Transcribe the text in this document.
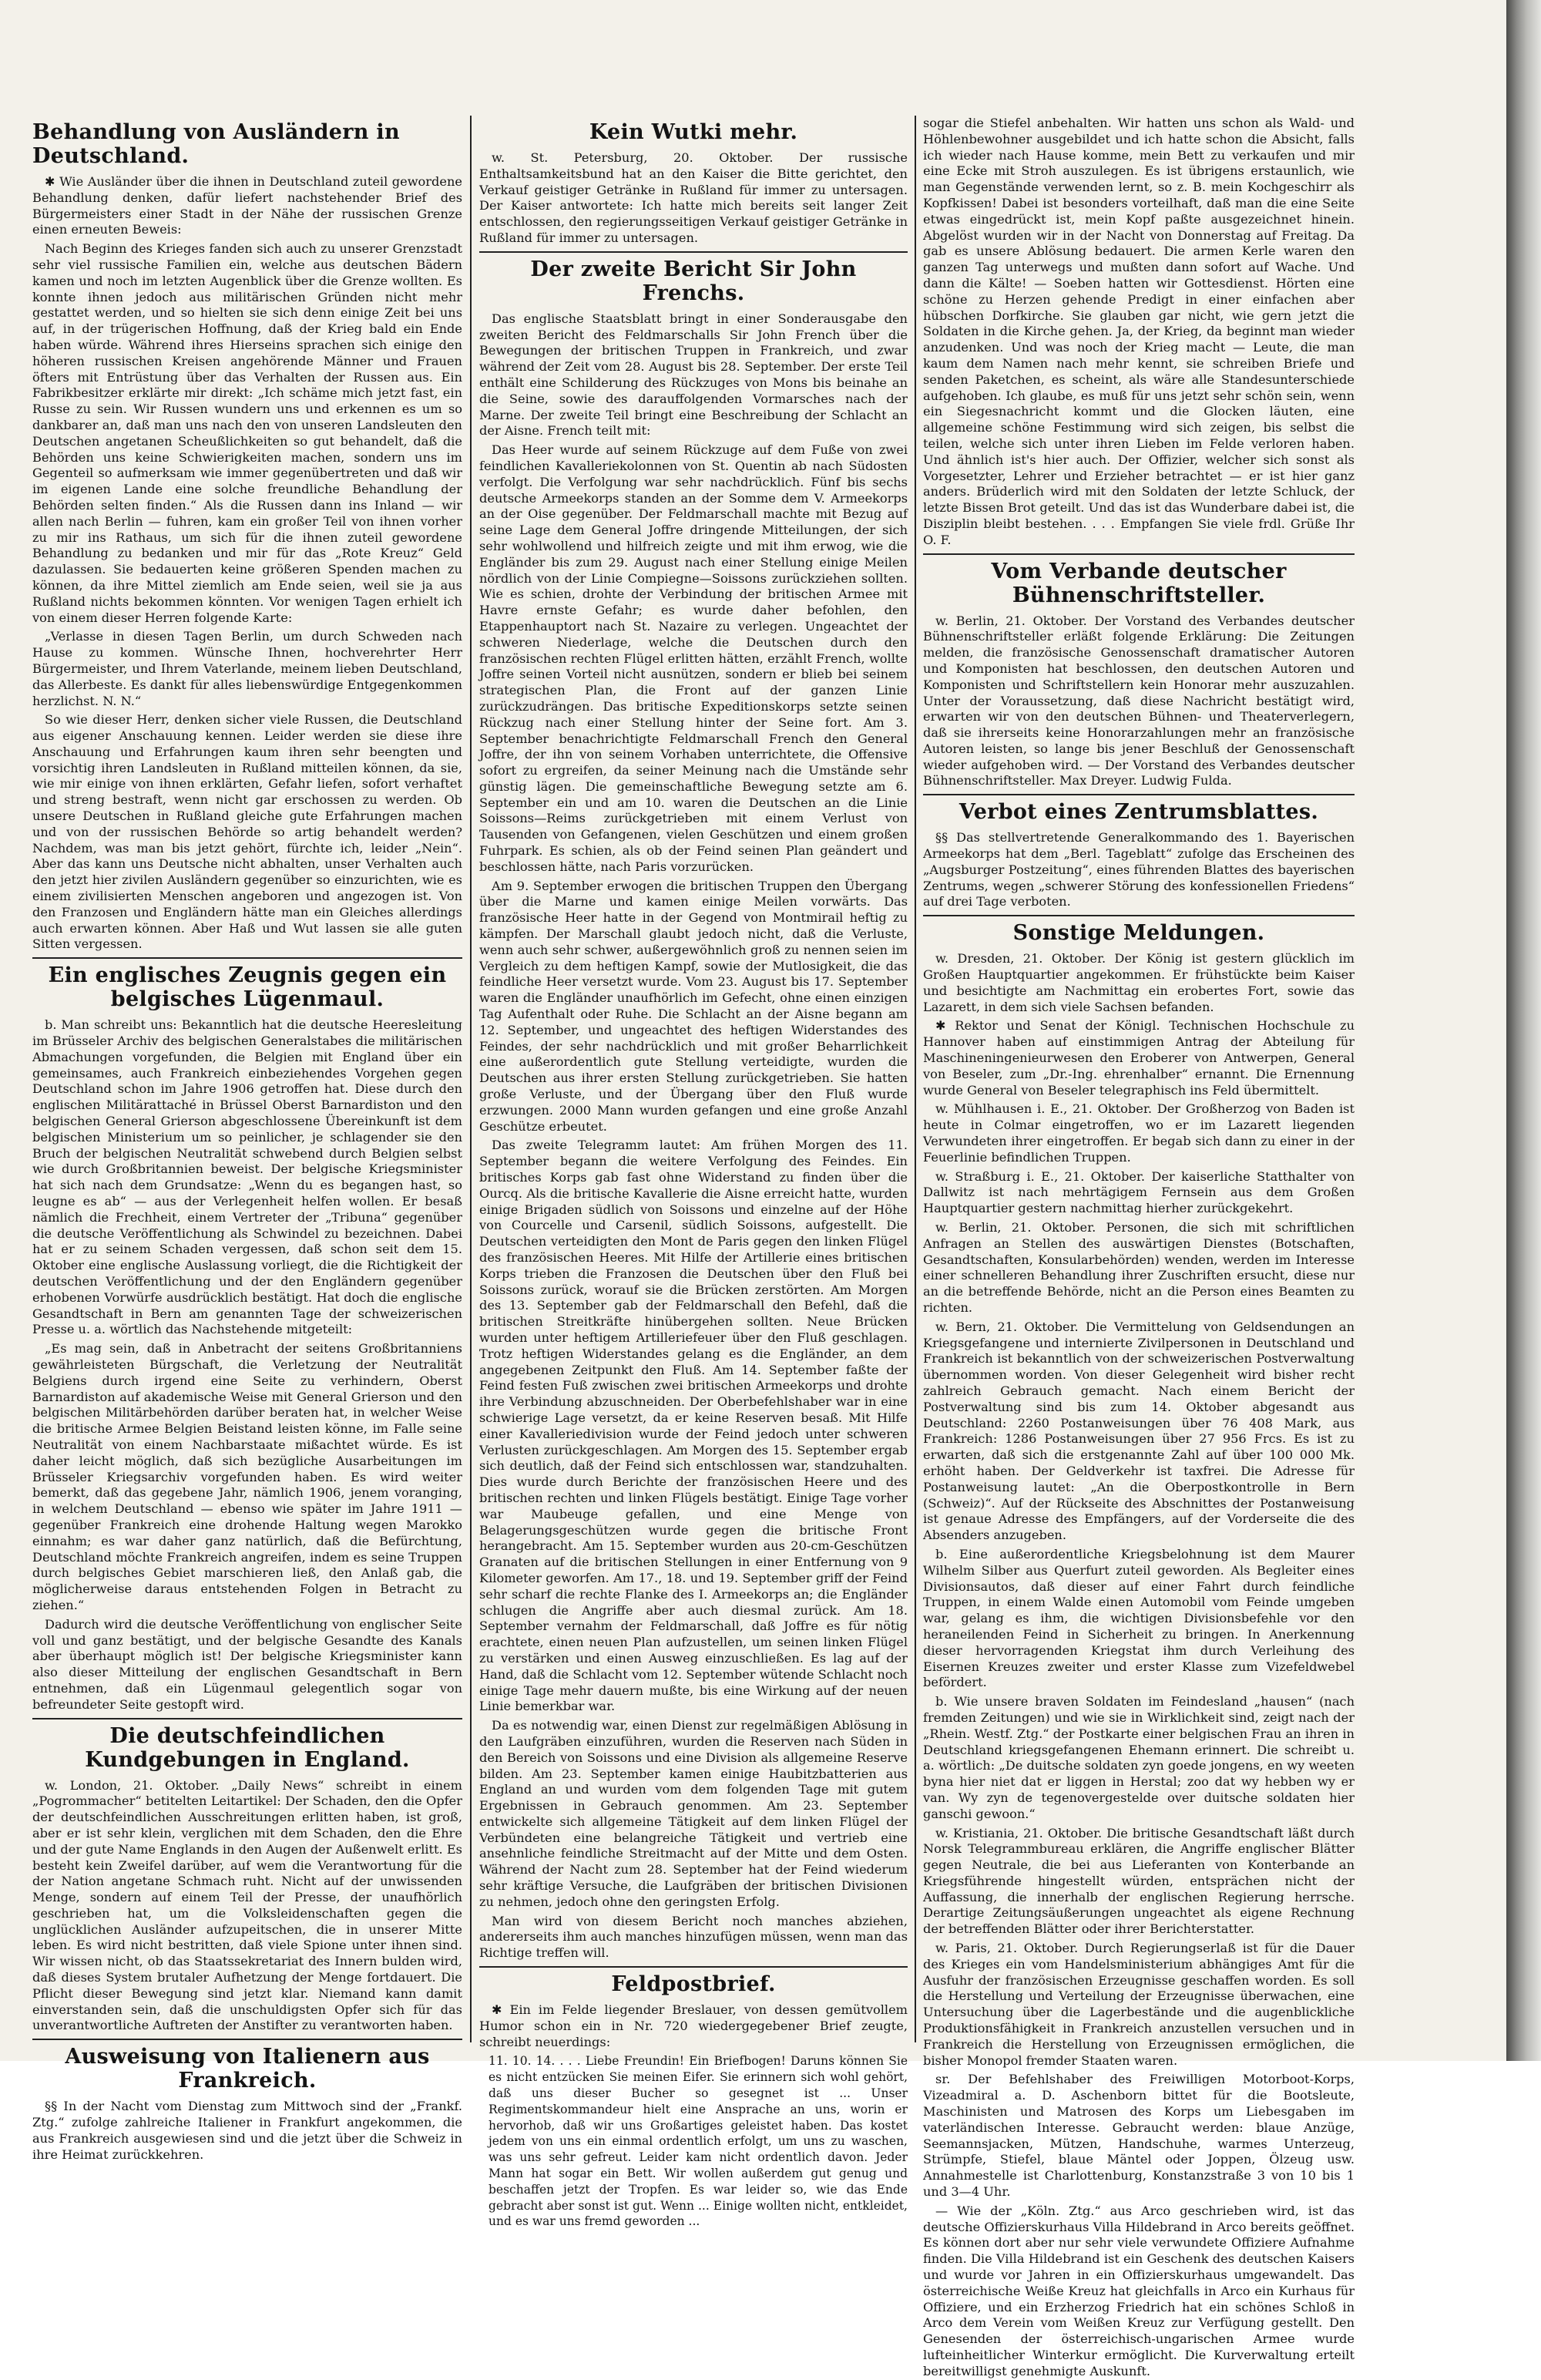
Behandlung von Ausländern in Deutschland.

✱ Wie Ausländer über die ihnen in Deutschland zuteil gewordene Behandlung denken, dafür liefert nachstehender Brief des Bürgermeisters einer Stadt in der Nähe der russischen Grenze einen erneuten Beweis:

Nach Beginn des Krieges fanden sich auch zu unserer Grenzstadt sehr viel russische Familien ein, welche aus deutschen Bädern kamen und noch im letzten Augenblick über die Grenze wollten. Es konnte ihnen jedoch aus militärischen Gründen nicht mehr gestattet werden, und so hielten sie sich denn einige Zeit bei uns auf, in der trügerischen Hoffnung, daß der Krieg bald ein Ende haben würde. Während ihres Hierseins sprachen sich einige den höheren russischen Kreisen angehörende Männer und Frauen öfters mit Entrüstung über das Verhalten der Russen aus. Ein Fabrikbesitzer erklärte mir direkt: „Ich schäme mich jetzt fast, ein Russe zu sein. Wir Russen wundern uns und erkennen es um so dankbarer an, daß man uns nach den von unseren Landsleuten den Deutschen angetanen Scheußlichkeiten so gut behandelt, daß die Behörden uns keine Schwierigkeiten machen, sondern uns im Gegenteil so aufmerksam wie immer gegenübertreten und daß wir im eigenen Lande eine solche freundliche Behandlung der Behörden selten finden.“ Als die Russen dann ins Inland — wir allen nach Berlin — fuhren, kam ein großer Teil von ihnen vorher zu mir ins Rathaus, um sich für die ihnen zuteil gewordene Behandlung zu bedanken und mir für das „Rote Kreuz“ Geld dazulassen. Sie bedauerten keine größeren Spenden machen zu können, da ihre Mittel ziemlich am Ende seien, weil sie ja aus Rußland nichts bekommen könnten. Vor wenigen Tagen erhielt ich von einem dieser Herren folgende Karte:

„Verlasse in diesen Tagen Berlin, um durch Schweden nach Hause zu kommen. Wünsche Ihnen, hochverehrter Herr Bürgermeister, und Ihrem Vaterlande, meinem lieben Deutschland, das Allerbeste. Es dankt für alles liebenswürdige Entgegenkommen herzlichst. N. N.“

So wie dieser Herr, denken sicher viele Russen, die Deutschland aus eigener Anschauung kennen. Leider werden sie diese ihre Anschauung und Erfahrungen kaum ihren sehr beengten und vorsichtig ihren Landsleuten in Rußland mitteilen können, da sie, wie mir einige von ihnen erklärten, Gefahr liefen, sofort verhaftet und streng bestraft, wenn nicht gar erschossen zu werden. Ob unsere Deutschen in Rußland gleiche gute Erfahrungen machen und von der russischen Behörde so artig behandelt werden? Nachdem, was man bis jetzt gehört, fürchte ich, leider „Nein“. Aber das kann uns Deutsche nicht abhalten, unser Verhalten auch den jetzt hier zivilen Ausländern gegenüber so einzurichten, wie es einem zivilisierten Menschen angeboren und angezogen ist. Von den Franzosen und Engländern hätte man ein Gleiches allerdings auch erwarten können. Aber Haß und Wut lassen sie alle guten Sitten vergessen.

Ein englisches Zeugnis gegen ein belgisches Lügenmaul.

b. Man schreibt uns: Bekanntlich hat die deutsche Heeresleitung im Brüsseler Archiv des belgischen Generalstabes die militärischen Abmachungen vorgefunden, die Belgien mit England über ein gemeinsames, auch Frankreich einbeziehendes Vorgehen gegen Deutschland schon im Jahre 1906 getroffen hat. Diese durch den englischen Militärattaché in Brüssel Oberst Barnardiston und den belgischen General Grierson abgeschlossene Übereinkunft ist dem belgischen Ministerium um so peinlicher, je schlagender sie den Bruch der belgischen Neutralität schwebend durch Belgien selbst wie durch Großbritannien beweist. Der belgische Kriegsminister hat sich nach dem Grundsatze: „Wenn du es begangen hast, so leugne es ab“ — aus der Verlegenheit helfen wollen. Er besaß nämlich die Frechheit, einem Vertreter der „Tribuna“ gegenüber die deutsche Veröffentlichung als Schwindel zu bezeichnen. Dabei hat er zu seinem Schaden vergessen, daß schon seit dem 15. Oktober eine englische Auslassung vorliegt, die die Richtigkeit der deutschen Veröffentlichung und der den Engländern gegenüber erhobenen Vorwürfe ausdrücklich bestätigt. Hat doch die englische Gesandtschaft in Bern am genannten Tage der schweizerischen Presse u. a. wörtlich das Nachstehende mitgeteilt:

„Es mag sein, daß in Anbetracht der seitens Großbritanniens gewährleisteten Bürgschaft, die Verletzung der Neutralität Belgiens durch irgend eine Seite zu verhindern, Oberst Barnardiston auf akademische Weise mit General Grierson und den belgischen Militärbehörden darüber beraten hat, in welcher Weise die britische Armee Belgien Beistand leisten könne, im Falle seine Neutralität von einem Nachbarstaate mißachtet würde. Es ist daher leicht möglich, daß sich bezügliche Ausarbeitungen im Brüsseler Kriegsarchiv vorgefunden haben. Es wird weiter bemerkt, daß das gegebene Jahr, nämlich 1906, jenem voranging, in welchem Deutschland — ebenso wie später im Jahre 1911 — gegenüber Frankreich eine drohende Haltung wegen Marokko einnahm; es war daher ganz natürlich, daß die Befürchtung, Deutschland möchte Frankreich angreifen, indem es seine Truppen durch belgisches Gebiet marschieren ließ, den Anlaß gab, die möglicherweise daraus entstehenden Folgen in Betracht zu ziehen.“

Dadurch wird die deutsche Veröffentlichung von englischer Seite voll und ganz bestätigt, und der belgische Gesandte des Kanals aber überhaupt möglich ist! Der belgische Kriegsminister kann also dieser Mitteilung der englischen Gesandtschaft in Bern entnehmen, daß ein Lügenmaul gelegentlich sogar von befreundeter Seite gestopft wird.

Die deutschfeindlichen Kundgebungen in England.

w. London, 21. Oktober. „Daily News“ schreibt in einem „Pogrommacher“ betitelten Leitartikel: Der Schaden, den die Opfer der deutschfeindlichen Ausschreitungen erlitten haben, ist groß, aber er ist sehr klein, verglichen mit dem Schaden, den die Ehre und der gute Name Englands in den Augen der Außenwelt erlitt. Es besteht kein Zweifel darüber, auf wem die Verantwortung für die der Nation angetane Schmach ruht. Nicht auf der unwissenden Menge, sondern auf einem Teil der Presse, der unaufhörlich geschrieben hat, um die Volksleidenschaften gegen die unglücklichen Ausländer aufzupeitschen, die in unserer Mitte leben. Es wird nicht bestritten, daß viele Spione unter ihnen sind. Wir wissen nicht, ob das Staatssekretariat des Innern bulden wird, daß dieses System brutaler Aufhetzung der Menge fortdauert. Die Pflicht dieser Bewegung sind jetzt klar. Niemand kann damit einverstanden sein, daß die unschuldigsten Opfer sich für das unverantwortliche Auftreten der Anstifter zu verantworten haben.

Ausweisung von Italienern aus Frankreich.

§§ In der Nacht vom Dienstag zum Mittwoch sind der „Frankf. Ztg.“ zufolge zahlreiche Italiener in Frankfurt angekommen, die aus Frankreich ausgewiesen sind und die jetzt über die Schweiz in ihre Heimat zurückkehren.

Kein Wutki mehr.

w. St. Petersburg, 20. Oktober. Der russische Enthaltsamkeitsbund hat an den Kaiser die Bitte gerichtet, den Verkauf geistiger Getränke in Rußland für immer zu untersagen. Der Kaiser antwortete: Ich hatte mich bereits seit langer Zeit entschlossen, den regierungsseitigen Verkauf geistiger Getränke in Rußland für immer zu untersagen.

Der zweite Bericht Sir John Frenchs.

Das englische Staatsblatt bringt in einer Sonderausgabe den zweiten Bericht des Feldmarschalls Sir John French über die Bewegungen der britischen Truppen in Frankreich, und zwar während der Zeit vom 28. August bis 28. September. Der erste Teil enthält eine Schilderung des Rückzuges von Mons bis beinahe an die Seine, sowie des darauffolgenden Vormarsches nach der Marne. Der zweite Teil bringt eine Beschreibung der Schlacht an der Aisne. French teilt mit:

Das Heer wurde auf seinem Rückzuge auf dem Fuße von zwei feindlichen Kavalleriekolonnen von St. Quentin ab nach Südosten verfolgt. Die Verfolgung war sehr nachdrücklich. Fünf bis sechs deutsche Armeekorps standen an der Somme dem V. Armeekorps an der Oise gegenüber. Der Feldmarschall machte mit Bezug auf seine Lage dem General Joffre dringende Mitteilungen, der sich sehr wohlwollend und hilfreich zeigte und mit ihm erwog, wie die Engländer bis zum 29. August nach einer Stellung einige Meilen nördlich von der Linie Compiegne—Soissons zurückziehen sollten. Wie es schien, drohte der Verbindung der britischen Armee mit Havre ernste Gefahr; es wurde daher befohlen, den Etappenhauptort nach St. Nazaire zu verlegen. Ungeachtet der schweren Niederlage, welche die Deutschen durch den französischen rechten Flügel erlitten hätten, erzählt French, wollte Joffre seinen Vorteil nicht ausnützen, sondern er blieb bei seinem strategischen Plan, die Front auf der ganzen Linie zurückzudrängen. Das britische Expeditionskorps setzte seinen Rückzug nach einer Stellung hinter der Seine fort. Am 3. September benachrichtigte Feldmarschall French den General Joffre, der ihn von seinem Vorhaben unterrichtete, die Offensive sofort zu ergreifen, da seiner Meinung nach die Umstände sehr günstig lägen. Die gemeinschaftliche Bewegung setzte am 6. September ein und am 10. waren die Deutschen an die Linie Soissons—Reims zurückgetrieben mit einem Verlust von Tausenden von Gefangenen, vielen Geschützen und einem großen Fuhrpark. Es schien, als ob der Feind seinen Plan geändert und beschlossen hätte, nach Paris vorzurücken.

Am 9. September erwogen die britischen Truppen den Übergang über die Marne und kamen einige Meilen vorwärts. Das französische Heer hatte in der Gegend von Montmirail heftig zu kämpfen. Der Marschall glaubt jedoch nicht, daß die Verluste, wenn auch sehr schwer, außergewöhnlich groß zu nennen seien im Vergleich zu dem heftigen Kampf, sowie der Mutlosigkeit, die das feindliche Heer versetzt wurde. Vom 23. August bis 17. September waren die Engländer unaufhörlich im Gefecht, ohne einen einzigen Tag Aufenthalt oder Ruhe. Die Schlacht an der Aisne begann am 12. September, und ungeachtet des heftigen Widerstandes des Feindes, der sehr nachdrücklich und mit großer Beharrlichkeit eine außerordentlich gute Stellung verteidigte, wurden die Deutschen aus ihrer ersten Stellung zurückgetrieben. Sie hatten große Verluste, und der Übergang über den Fluß wurde erzwungen. 2000 Mann wurden gefangen und eine große Anzahl Geschütze erbeutet.

Das zweite Telegramm lautet: Am frühen Morgen des 11. September begann die weitere Verfolgung des Feindes. Ein britisches Korps gab fast ohne Widerstand zu finden über die Ourcq. Als die britische Kavallerie die Aisne erreicht hatte, wurden einige Brigaden südlich von Soissons und einzelne auf der Höhe von Courcelle und Carsenil, südlich Soissons, aufgestellt. Die Deutschen verteidigten den Mont de Paris gegen den linken Flügel des französischen Heeres. Mit Hilfe der Artillerie eines britischen Korps trieben die Franzosen die Deutschen über den Fluß bei Soissons zurück, worauf sie die Brücken zerstörten. Am Morgen des 13. September gab der Feldmarschall den Befehl, daß die britischen Streitkräfte hinübergehen sollten. Neue Brücken wurden unter heftigem Artilleriefeuer über den Fluß geschlagen. Trotz heftigen Widerstandes gelang es die Engländer, an dem angegebenen Zeitpunkt den Fluß. Am 14. September faßte der Feind festen Fuß zwischen zwei britischen Armeekorps und drohte ihre Verbindung abzuschneiden. Der Oberbefehlshaber war in eine schwierige Lage versetzt, da er keine Reserven besaß. Mit Hilfe einer Kavalleriedivision wurde der Feind jedoch unter schweren Verlusten zurückgeschlagen. Am Morgen des 15. September ergab sich deutlich, daß der Feind sich entschlossen war, standzuhalten. Dies wurde durch Berichte der französischen Heere und des britischen rechten und linken Flügels bestätigt. Einige Tage vorher war Maubeuge gefallen, und eine Menge von Belagerungsgeschützen wurde gegen die britische Front herangebracht. Am 15. September wurden aus 20-cm-Geschützen Granaten auf die britischen Stellungen in einer Entfernung von 9 Kilometer geworfen. Am 17., 18. und 19. September griff der Feind sehr scharf die rechte Flanke des I. Armeekorps an; die Engländer schlugen die Angriffe aber auch diesmal zurück. Am 18. September vernahm der Feldmarschall, daß Joffre es für nötig erachtete, einen neuen Plan aufzustellen, um seinen linken Flügel zu verstärken und einen Ausweg einzuschließen. Es lag auf der Hand, daß die Schlacht vom 12. September wütende Schlacht noch einige Tage mehr dauern mußte, bis eine Wirkung auf der neuen Linie bemerkbar war.

Da es notwendig war, einen Dienst zur regelmäßigen Ablösung in den Laufgräben einzuführen, wurden die Reserven nach Süden in den Bereich von Soissons und eine Division als allgemeine Reserve bilden. Am 23. September kamen einige Haubitzbatterien aus England an und wurden vom dem folgenden Tage mit gutem Ergebnissen in Gebrauch genommen. Am 23. September entwickelte sich allgemeine Tätigkeit auf dem linken Flügel der Verbündeten eine belangreiche Tätigkeit und vertrieb eine ansehnliche feindliche Streitmacht auf der Mitte und dem Osten. Während der Nacht zum 28. September hat der Feind wiederum sehr kräftige Versuche, die Laufgräben der britischen Divisionen zu nehmen, jedoch ohne den geringsten Erfolg.

Man wird von diesem Bericht noch manches abziehen, andererseits ihm auch manches hinzufügen müssen, wenn man das Richtige treffen will.

Feldpostbrief.

✱ Ein im Felde liegender Breslauer, von dessen gemütvollem Humor schon ein in Nr. 720 wiedergegebener Brief zeugte, schreibt neuerdings:

11. 10. 14. . . . Liebe Freundin! Ein Briefbogen! Daruns können Sie es nicht entzücken Sie meinen Eifer. Sie erinnern sich wohl gehört, daß uns dieser Bucher so gesegnet ist ... Unser Regimentskommandeur hielt eine Ansprache an uns, worin er hervorhob, daß wir uns Großartiges geleistet haben. Das kostet jedem von uns ein einmal ordentlich erfolgt, um uns zu waschen, was uns sehr gefreut. Leider kam nicht ordentlich davon. Jeder Mann hat sogar ein Bett. Wir wollen außerdem gut genug und beschaffen jetzt der Tropfen. Es war leider so, wie das Ende gebracht aber sonst ist gut. Wenn ... Einige wollten nicht, entkleidet, und es war uns fremd geworden ...

sogar die Stiefel anbehalten. Wir hatten uns schon als Wald- und Höhlenbewohner ausgebildet und ich hatte schon die Absicht, falls ich wieder nach Hause komme, mein Bett zu verkaufen und mir eine Ecke mit Stroh auszulegen. Es ist übrigens erstaunlich, wie man Gegenstände verwenden lernt, so z. B. mein Kochgeschirr als Kopfkissen! Dabei ist besonders vorteilhaft, daß man die eine Seite etwas eingedrückt ist, mein Kopf paßte ausgezeichnet hinein. Abgelöst wurden wir in der Nacht von Donnerstag auf Freitag. Da gab es unsere Ablösung bedauert. Die armen Kerle waren den ganzen Tag unterwegs und mußten dann sofort auf Wache. Und dann die Kälte! — Soeben hatten wir Gottesdienst. Hörten eine schöne zu Herzen gehende Predigt in einer einfachen aber hübschen Dorfkirche. Sie glauben gar nicht, wie gern jetzt die Soldaten in die Kirche gehen. Ja, der Krieg, da beginnt man wieder anzudenken. Und was noch der Krieg macht — Leute, die man kaum dem Namen nach mehr kennt, sie schreiben Briefe und senden Paketchen, es scheint, als wäre alle Standesunterschiede aufgehoben. Ich glaube, es muß für uns jetzt sehr schön sein, wenn ein Siegesnachricht kommt und die Glocken läuten, eine allgemeine schöne Festimmung wird sich zeigen, bis selbst die teilen, welche sich unter ihren Lieben im Felde verloren haben. Und ähnlich ist's hier auch. Der Offizier, welcher sich sonst als Vorgesetzter, Lehrer und Erzieher betrachtet — er ist hier ganz anders. Brüderlich wird mit den Soldaten der letzte Schluck, der letzte Bissen Brot geteilt. Und das ist das Wunderbare dabei ist, die Disziplin bleibt bestehen. . . . Empfangen Sie viele frdl. Grüße Ihr O. F.

Vom Verbande deutscher Bühnenschriftsteller.

w. Berlin, 21. Oktober. Der Vorstand des Verbandes deutscher Bühnenschriftsteller erläßt folgende Erklärung: Die Zeitungen melden, die französische Genossenschaft dramatischer Autoren und Komponisten hat beschlossen, den deutschen Autoren und Komponisten und Schriftstellern kein Honorar mehr auszuzahlen. Unter der Voraussetzung, daß diese Nachricht bestätigt wird, erwarten wir von den deutschen Bühnen- und Theaterverlegern, daß sie ihrerseits keine Honorarzahlungen mehr an französische Autoren leisten, so lange bis jener Beschluß der Genossenschaft wieder aufgehoben wird. — Der Vorstand des Verbandes deutscher Bühnenschriftsteller. Max Dreyer. Ludwig Fulda.

Verbot eines Zentrumsblattes.

§§ Das stellvertretende Generalkommando des 1. Bayerischen Armeekorps hat dem „Berl. Tageblatt“ zufolge das Erscheinen des „Augsburger Postzeitung“, eines führenden Blattes des bayerischen Zentrums, wegen „schwerer Störung des konfessionellen Friedens“ auf drei Tage verboten.

Sonstige Meldungen.

w. Dresden, 21. Oktober. Der König ist gestern glücklich im Großen Hauptquartier angekommen. Er frühstückte beim Kaiser und besichtigte am Nachmittag ein erobertes Fort, sowie das Lazarett, in dem sich viele Sachsen befanden.

✱ Rektor und Senat der Königl. Technischen Hochschule zu Hannover haben auf einstimmigen Antrag der Abteilung für Maschineningenieurwesen den Eroberer von Antwerpen, General von Beseler, zum „Dr.-Ing. ehrenhalber“ ernannt. Die Ernennung wurde General von Beseler telegraphisch ins Feld übermittelt.

w. Mühlhausen i. E., 21. Oktober. Der Großherzog von Baden ist heute in Colmar eingetroffen, wo er im Lazarett liegenden Verwundeten ihrer eingetroffen. Er begab sich dann zu einer in der Feuerlinie befindlichen Truppen.

w. Straßburg i. E., 21. Oktober. Der kaiserliche Statthalter von Dallwitz ist nach mehrtägigem Fernsein aus dem Großen Hauptquartier gestern nachmittag hierher zurückgekehrt.

w. Berlin, 21. Oktober. Personen, die sich mit schriftlichen Anfragen an Stellen des auswärtigen Dienstes (Botschaften, Gesandtschaften, Konsularbehörden) wenden, werden im Interesse einer schnelleren Behandlung ihrer Zuschriften ersucht, diese nur an die betreffende Behörde, nicht an die Person eines Beamten zu richten.

w. Bern, 21. Oktober. Die Vermittelung von Geldsendungen an Kriegsgefangene und internierte Zivilpersonen in Deutschland und Frankreich ist bekanntlich von der schweizerischen Postverwaltung übernommen worden. Von dieser Gelegenheit wird bisher recht zahlreich Gebrauch gemacht. Nach einem Bericht der Postverwaltung sind bis zum 14. Oktober abgesandt aus Deutschland: 2260 Postanweisungen über 76 408 Mark, aus Frankreich: 1286 Postanweisungen über 27 956 Frcs. Es ist zu erwarten, daß sich die erstgenannte Zahl auf über 100 000 Mk. erhöht haben. Der Geldverkehr ist taxfrei. Die Adresse für Postanweisung lautet: „An die Oberpostkontrolle in Bern (Schweiz)“. Auf der Rückseite des Abschnittes der Postanweisung ist genaue Adresse des Empfängers, auf der Vorderseite die des Absenders anzugeben.

b. Eine außerordentliche Kriegsbelohnung ist dem Maurer Wilhelm Silber aus Querfurt zuteil geworden. Als Begleiter eines Divisionsautos, daß dieser auf einer Fahrt durch feindliche Truppen, in einem Walde einen Automobil vom Feinde umgeben war, gelang es ihm, die wichtigen Divisionsbefehle vor den heraneilenden Feind in Sicherheit zu bringen. In Anerkennung dieser hervorragenden Kriegstat ihm durch Verleihung des Eisernen Kreuzes zweiter und erster Klasse zum Vizefeldwebel befördert.

b. Wie unsere braven Soldaten im Feindesland „hausen“ (nach fremden Zeitungen) und wie sie in Wirklichkeit sind, zeigt nach der „Rhein. Westf. Ztg.“ der Postkarte einer belgischen Frau an ihren in Deutschland kriegsgefangenen Ehemann erinnert. Die schreibt u. a. wörtlich: „De duitsche soldaten zyn goede jongens, en wy weeten byna hier niet dat er liggen in Herstal; zoo dat wy hebben wy er van. Wy zyn de tegenovergestelde over duitsche soldaten hier ganschi gewoon.“

w. Kristiania, 21. Oktober. Die britische Gesandtschaft läßt durch Norsk Telegrammbureau erklären, die Angriffe englischer Blätter gegen Neutrale, die bei aus Lieferanten von Konterbande an Kriegsführende hingestellt würden, entsprächen nicht der Auffassung, die innerhalb der englischen Regierung herrsche. Derartige Zeitungsäußerungen ungeachtet als eigene Rechnung der betreffenden Blätter oder ihrer Berichterstatter.

w. Paris, 21. Oktober. Durch Regierungserlaß ist für die Dauer des Krieges ein vom Handelsministerium abhängiges Amt für die Ausfuhr der französischen Erzeugnisse geschaffen worden. Es soll die Herstellung und Verteilung der Erzeugnisse überwachen, eine Untersuchung über die Lagerbestände und die augenblickliche Produktionsfähigkeit in Frankreich anzustellen versuchen und in Frankreich die Herstellung von Erzeugnissen ermöglichen, die bisher Monopol fremder Staaten waren.

sr. Der Befehlshaber des Freiwilligen Motorboot-Korps, Vizeadmiral a. D. Aschenborn bittet für die Bootsleute, Maschinisten und Matrosen des Korps um Liebesgaben im vaterländischen Interesse. Gebraucht werden: blaue Anzüge, Seemannsjacken, Mützen, Handschuhe, warmes Unterzeug, Strümpfe, Stiefel, blaue Mäntel oder Joppen, Ölzeug usw. Annahmestelle ist Charlottenburg, Konstanzstraße 3 von 10 bis 1 und 3—4 Uhr.

— Wie der „Köln. Ztg.“ aus Arco geschrieben wird, ist das deutsche Offizierskurhaus Villa Hildebrand in Arco bereits geöffnet. Es können dort aber nur sehr viele verwundete Offiziere Aufnahme finden. Die Villa Hildebrand ist ein Geschenk des deutschen Kaisers und wurde vor Jahren in ein Offizierskurhaus umgewandelt. Das österreichische Weiße Kreuz hat gleichfalls in Arco ein Kurhaus für Offiziere, und ein Erzherzog Friedrich hat ein schönes Schloß in Arco dem Verein vom Weißen Kreuz zur Verfügung gestellt. Den Genesenden der österreichisch-ungarischen Armee wurde lufteinheitlicher Winterkur ermöglicht. Die Kurverwaltung erteilt bereitwilligst genehmigte Auskunft.
